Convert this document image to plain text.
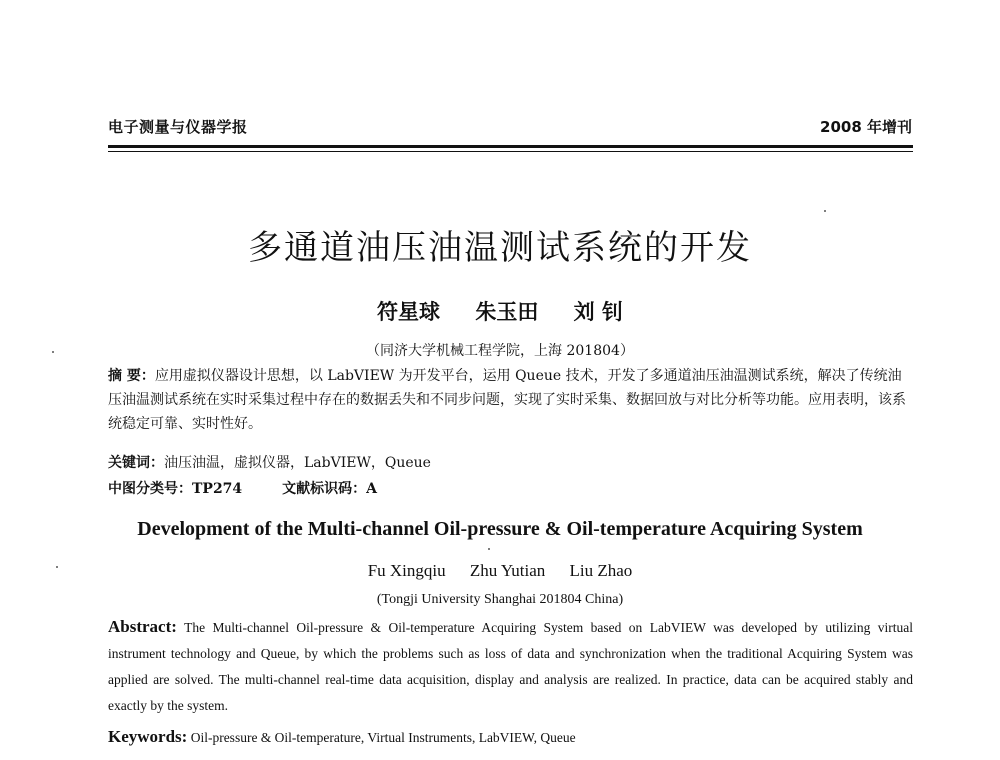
电子测量与仪器学报	2008 年增刊
多通道油压油温测试系统的开发
符星球 朱玉田 刘 钊
（同济大学机械工程学院，上海 201804）
摘 要：应用虚拟仪器设计思想，以 LabVIEW 为开发平台，运用 Queue 技术，开发了多通道油压油温测试系统，解决了传统油压油温测试系统在实时采集过程中存在的数据丢失和不同步问题，实现了实时采集、数据回放与对比分析等功能。应用表明，该系统稳定可靠、实时性好。
关键词：油压油温，虚拟仪器，LabVIEW，Queue
中图分类号：TP274	文献标识码：A
Development of the Multi-channel Oil-pressure & Oil-temperature Acquiring System
Fu Xingqiu Zhu Yutian Liu Zhao
(Tongji University Shanghai 201804 China)
Abstract: The Multi-channel Oil-pressure & Oil-temperature Acquiring System based on LabVIEW was developed by utilizing virtual instrument technology and Queue, by which the problems such as loss of data and synchronization when the traditional Acquiring System was applied are solved. The multi-channel real-time data acquisition, display and analysis are realized. In practice, data can be acquired stably and exactly by the system.
Keywords: Oil-pressure & Oil-temperature, Virtual Instruments, LabVIEW, Queue
